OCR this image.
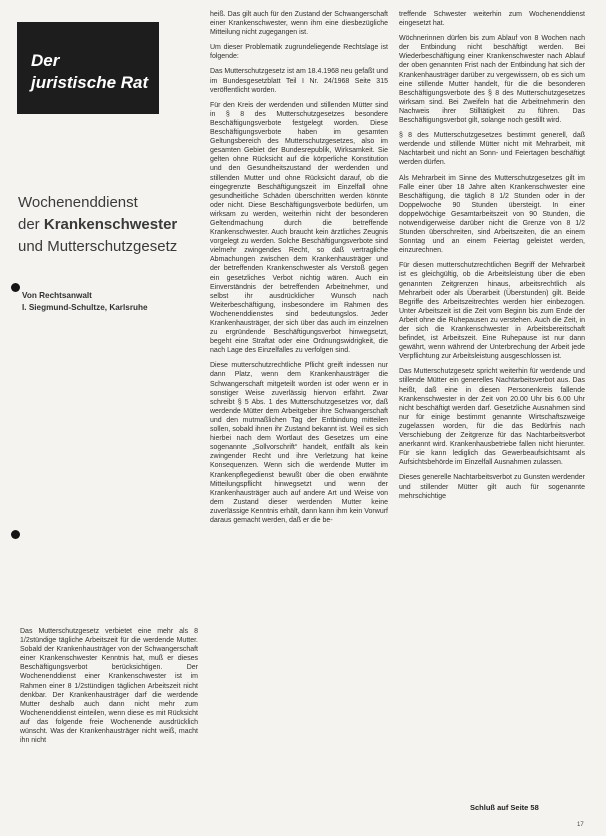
Der
juristische Rat
Wochenenddienst
der Krankenschwester
und Mutterschutzgesetz
Von Rechtsanwalt
I. Siegmund-Schultze, Karlsruhe

Das Mutterschutzgesetz verbietet eine mehr als 8 1/2stündige tägliche Arbeitszeit für die werdende Mutter. Sobald der Krankenhausträger von der Schwangerschaft einer Krankenschwester Kenntnis hat, muß er dieses Beschäftigungsverbot berücksichtigen. Der Wochenenddienst einer Krankenschwester ist im Rahmen einer 8 1/2stündigen täglichen Arbeitszeit nicht denkbar. Der Krankenhausträger darf die werdende Mutter deshalb auch dann nicht mehr zum Wochenenddienst einteilen, wenn diese es mit Rücksicht auf das folgende freie Wochenende ausdrücklich wünscht. Was der Krankenhausträger nicht weiß, macht ihn nicht

heiß. Das gilt auch für den Zustand der Schwangerschaft einer Krankenschwester, wenn ihm eine diesbezügliche Mitteilung nicht zugegangen ist.

Um dieser Problematik zugrundeliegende Rechtslage ist folgende:

Das Mutterschutzgesetz ist am 18.4.1968 neu gefaßt und im Bundesgesetzblatt Teil I Nr. 24/1968 Seite 315 veröffentlicht worden.

Für den Kreis der werdenden und stillenden Mütter sind in § 8 des Mutterschutzgesetzes besondere Beschäftigungsverbote festgelegt worden. Diese Beschäftigungsverbote haben im gesamten Geltungsbereich des Mutterschutzgesetzes, also im gesamten Gebiet der Bundesrepublik, Wirksamkeit. Sie gelten ohne Rücksicht auf die körperliche Konstitution und den Gesundheitszustand der werdenden und stillenden Mutter und ohne Rücksicht darauf, ob die eingegrenzte Beschäftigungszeit im Einzelfall ohne gesundheitliche Schäden überschritten werden könnte oder nicht. Diese Beschäftigungsverbote bedürfen, um wirksam zu werden, weiterhin nicht der besonderen Geltendmachung durch die betreffende Krankenschwester. Auch braucht kein ärztliches Zeugnis vorgelegt zu werden. Solche Beschäftigungsverbote sind vielmehr zwingendes Recht, so daß vertragliche Abmachungen zwischen dem Krankenhausträger und der betreffenden Krankenschwester als Verstoß gegen ein gesetzliches Verbot nichtig wären. Auch ein Einverständnis der betreffenden Arbeitnehmer, und selbst ihr ausdrücklicher Wunsch nach Weiterbeschäftigung, insbesondere im Rahmen des Wochenenddienstes sind bedeutungslos. Jeder Krankenhausträger, der sich über das auch im einzelnen zu ergründende Beschäftigungsverbot hinwegsetzt, begeht eine Straftat oder eine Ordnungswidrigkeit, die nach Lage des Einzelfalles zu verfolgen sind.

Diese mutterschutzrechtliche Pflicht greift indessen nur dann Platz, wenn dem Krankenhausträger die Schwangerschaft mitgeteilt worden ist oder wenn er in sonstiger Weise zuverlässig hiervon erfährt. Zwar schreibt § 5 Abs. 1 des Mutterschutzgesetzes vor, daß werdende Mütter dem Arbeitgeber ihre Schwangerschaft und den mutmaßlichen Tag der Entbindung mitteilen sollen, sobald ihnen ihr Zustand bekannt ist. Weil es sich hierbei nach dem Wortlaut des Gesetzes um eine sogenannte „Sollvorschrift“ handelt, entfällt als kein zwingender Recht und ihre Verletzung hat keine Konsequenzen. Wenn sich die werdende Mutter im Krankenpflegedienst bewußt über die oben erwähnte Mitteilungspflicht hinwegsetzt und wenn der Krankenhausträger auch auf andere Art und Weise von dem Zustand dieser werdenden Mutter keine zuverlässige Kenntnis erhält, dann kann ihm kein Vorwurf daraus gemacht werden, daß er die be-

treffende Schwester weiterhin zum Wochenenddienst eingesetzt hat.

Wöchnerinnen dürfen bis zum Ablauf von 8 Wochen nach der Entbindung nicht beschäftigt werden. Bei Wiederbeschäftigung einer Krankenschwester nach Ablauf der oben genannten Frist nach der Entbindung hat sich der Krankenhausträger darüber zu vergewissern, ob es sich um eine stillende Mutter handelt, für die die besonderen Beschäftigungsverbote des § 8 des Mutterschutzgesetzes wirksam sind. Bei Zweifeln hat die Arbeitnehmerin den Nachweis ihrer Stilltätigkeit zu führen. Das Beschäftigungsverbot gilt, solange noch gestillt wird.

§ 8 des Mutterschutzgesetzes bestimmt generell, daß werdende und stillende Mütter nicht mit Mehrarbeit, mit Nachtarbeit und nicht an Sonn- und Feiertagen beschäftigt werden dürfen.

Als Mehrarbeit im Sinne des Mutterschutzgesetzes gilt im Falle einer über 18 Jahre alten Krankenschwester eine Beschäftigung, die täglich 8 1/2 Stunden oder in der Doppelwoche 90 Stunden übersteigt. In einer doppelwöchige Gesamtarbeitszeit von 90 Stunden, die notwendigerweise darüber nicht die Grenze von 8 1/2 Stunden überschreiten, sind Arbeitszeiten, die an einem Sonntag und an einem Feiertag geleistet werden, einzurechnen.

Für diesen mutterschutzrechtlichen Begriff der Mehrarbeit ist es gleichgültig, ob die Arbeitsleistung über die eben genannten Zeitgrenzen hinaus, arbeitsrechtlich als Mehrarbeit oder als Überarbeit (Überstunden) gilt. Beide Begriffe des Arbeitszeitrechtes werden hier einbezogen. Unter Arbeitszeit ist die Zeit vom Beginn bis zum Ende der Arbeit ohne die Ruhepausen zu verstehen. Auch die Zeit, in der sich die Krankenschwester in Arbeitsbereitschaft befindet, ist Arbeitszeit. Eine Ruhepause ist nur dann gewährt, wenn während der Unterbrechung der Arbeit jede Verpflichtung zur Arbeitsleistung ausgeschlossen ist.

Das Mutterschutzgesetz spricht weiterhin für werdende und stillende Mütter ein generelles Nachtarbeitsverbot aus. Das heißt, daß eine in diesen Personenkreis fallende Krankenschwester in der Zeit von 20.00 Uhr bis 6.00 Uhr nicht beschäftigt werden darf. Gesetzliche Ausnahmen sind nur für einige bestimmt genannte Wirtschaftszweige zugelassen worden, für die das Bedürfnis nach Verschiebung der Zeitgrenze für das Nachtarbeitsverbot anerkannt wird. Krankenhausbetriebe fallen nicht hierunter. Für sie kann lediglich das Gewerbeaufsichtsamt als Aufsichtsbehörde im Einzelfall Ausnahmen zulassen.

Dieses generelle Nachtarbeitsverbot zu Gunsten werdender und stillender Mütter gilt auch für sogenannte mehrschichtige

Schluß auf Seite 58
17
